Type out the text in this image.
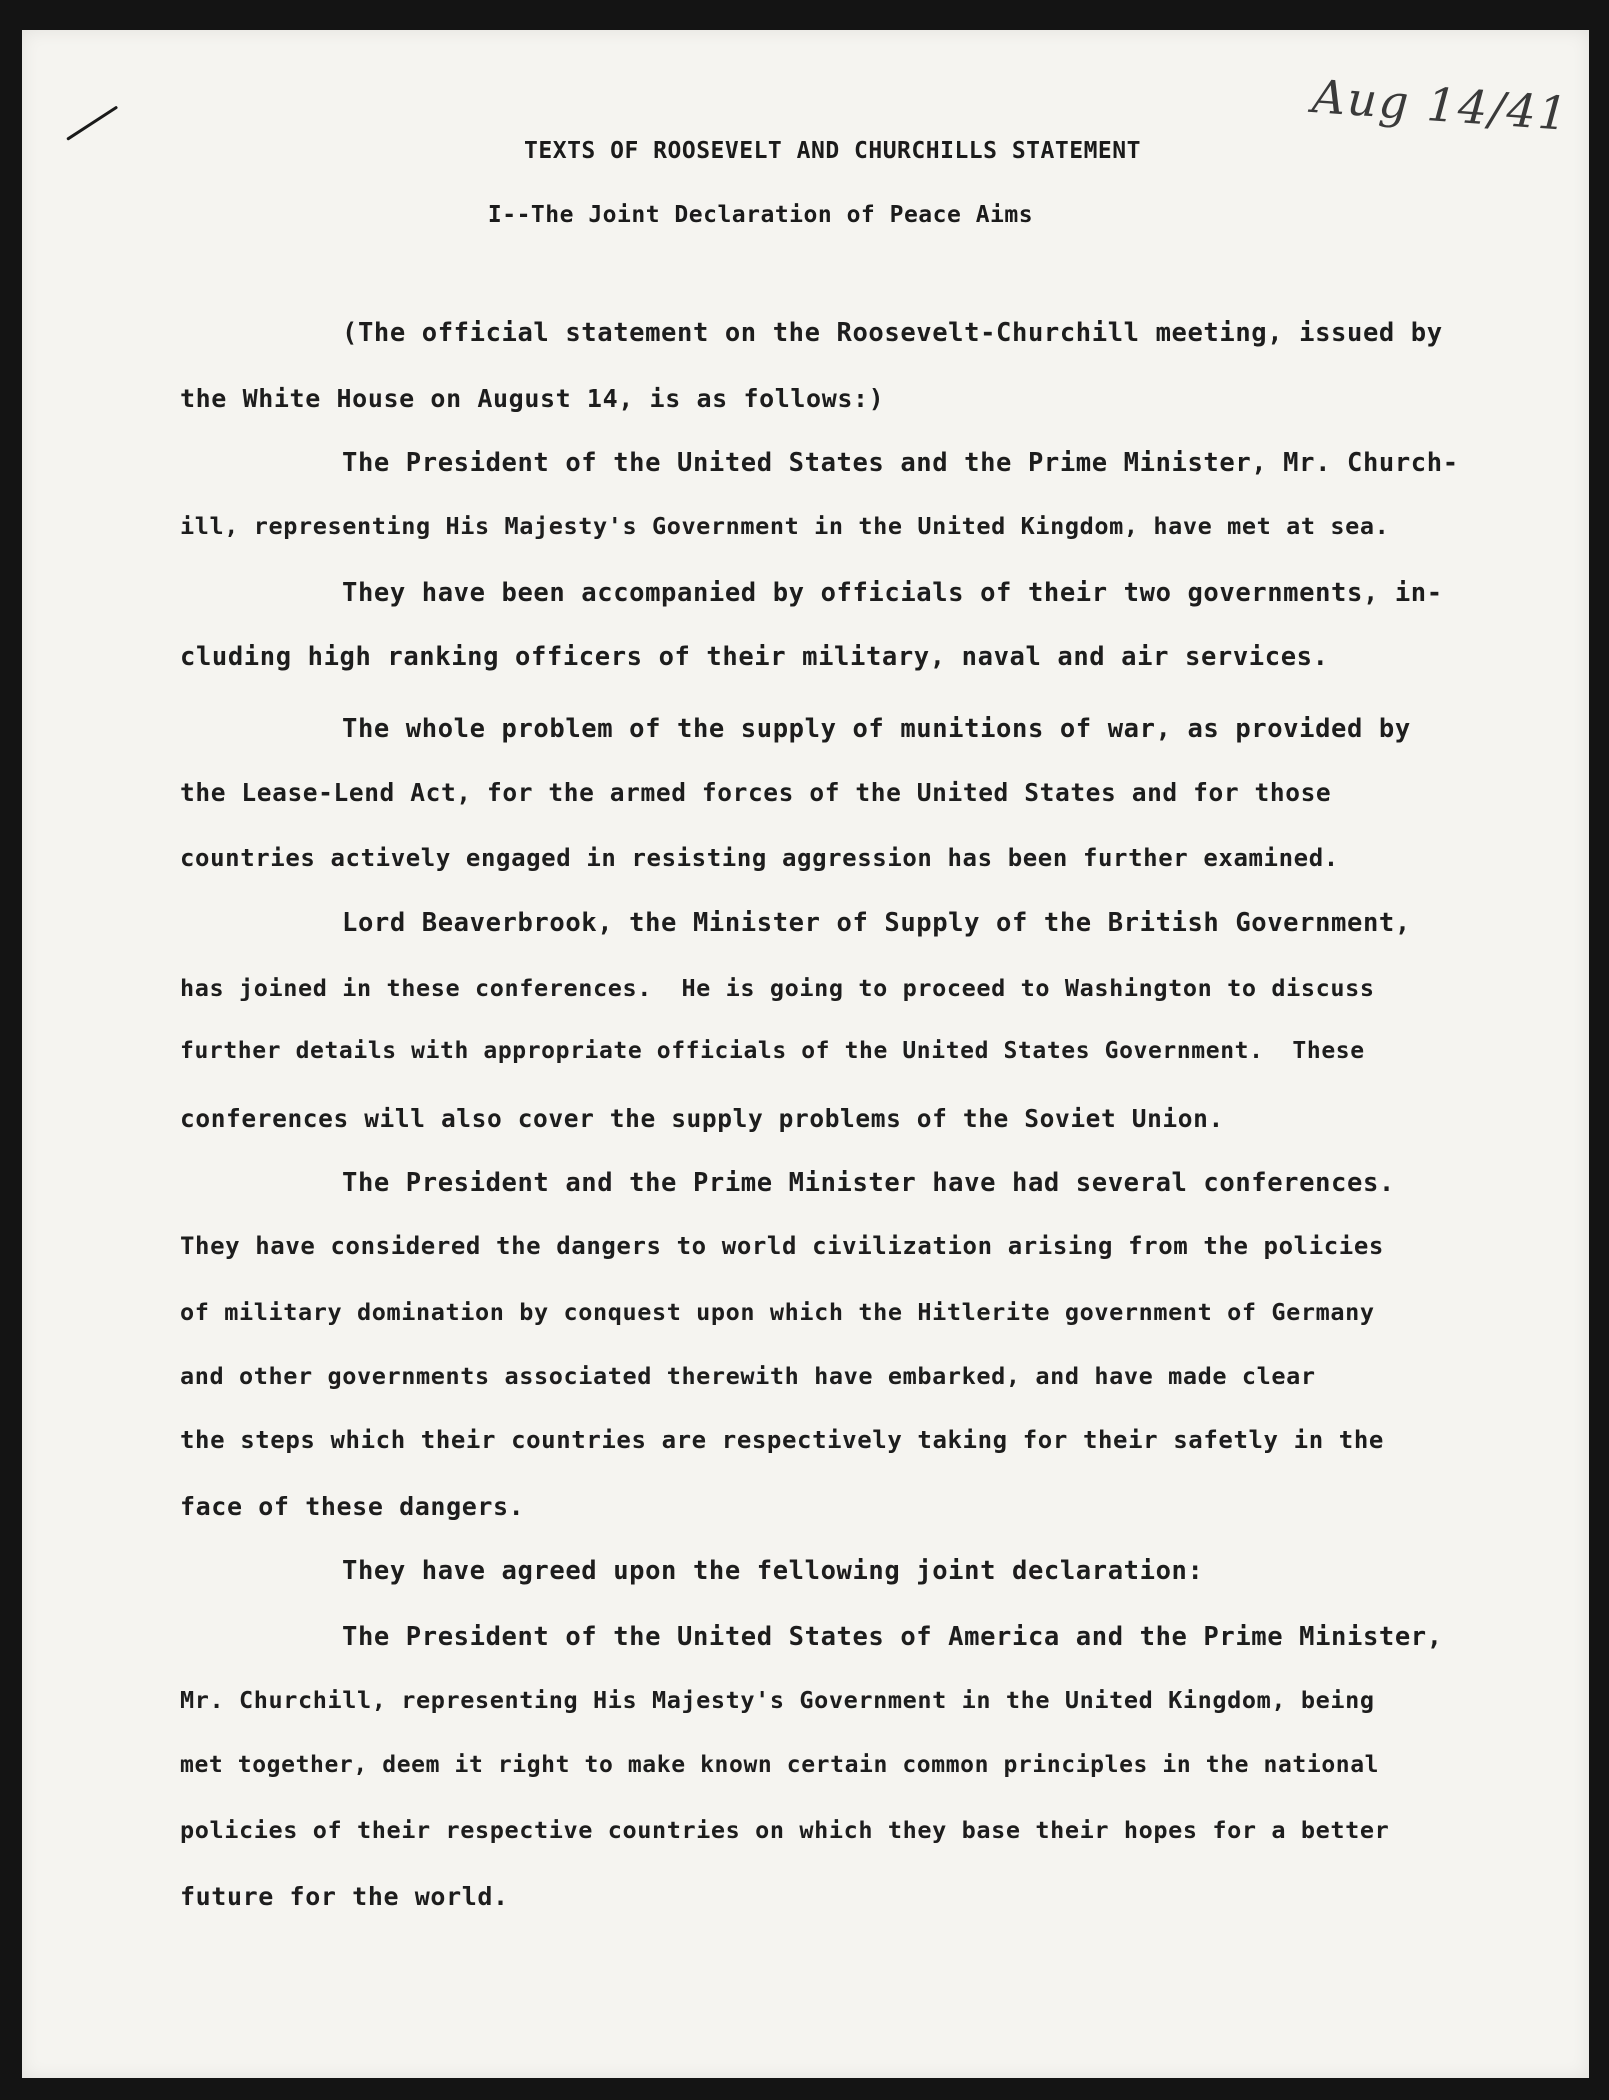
Aug 14/41
TEXTS OF ROOSEVELT AND CHURCHILLS STATEMENT
I--The Joint Declaration of Peace Aims
(The official statement on the Roosevelt-Churchill meeting, issued by
the White House on August 14, is as follows:)
The President of the United States and the Prime Minister, Mr. Church-
ill, representing His Majesty's Government in the United Kingdom, have met at sea.
They have been accompanied by officials of their two governments, in-
cluding high ranking officers of their military, naval and air services.
The whole problem of the supply of munitions of war, as provided by
the Lease-Lend Act, for the armed forces of the United States and for those
countries actively engaged in resisting aggression has been further examined.
Lord Beaverbrook, the Minister of Supply of the British Government,
has joined in these conferences.  He is going to proceed to Washington to discuss
further details with appropriate officials of the United States Government.  These
conferences will also cover the supply problems of the Soviet Union.
The President and the Prime Minister have had several conferences.
They have considered the dangers to world civilization arising from the policies
of military domination by conquest upon which the Hitlerite government of Germany
and other governments associated therewith have embarked, and have made clear
the steps which their countries are respectively taking for their safetly in the
face of these dangers.
They have agreed upon the fellowing joint declaration:
The President of the United States of America and the Prime Minister,
Mr. Churchill, representing His Majesty's Government in the United Kingdom, being
met together, deem it right to make known certain common principles in the national
policies of their respective countries on which they base their hopes for a better
future for the world.
